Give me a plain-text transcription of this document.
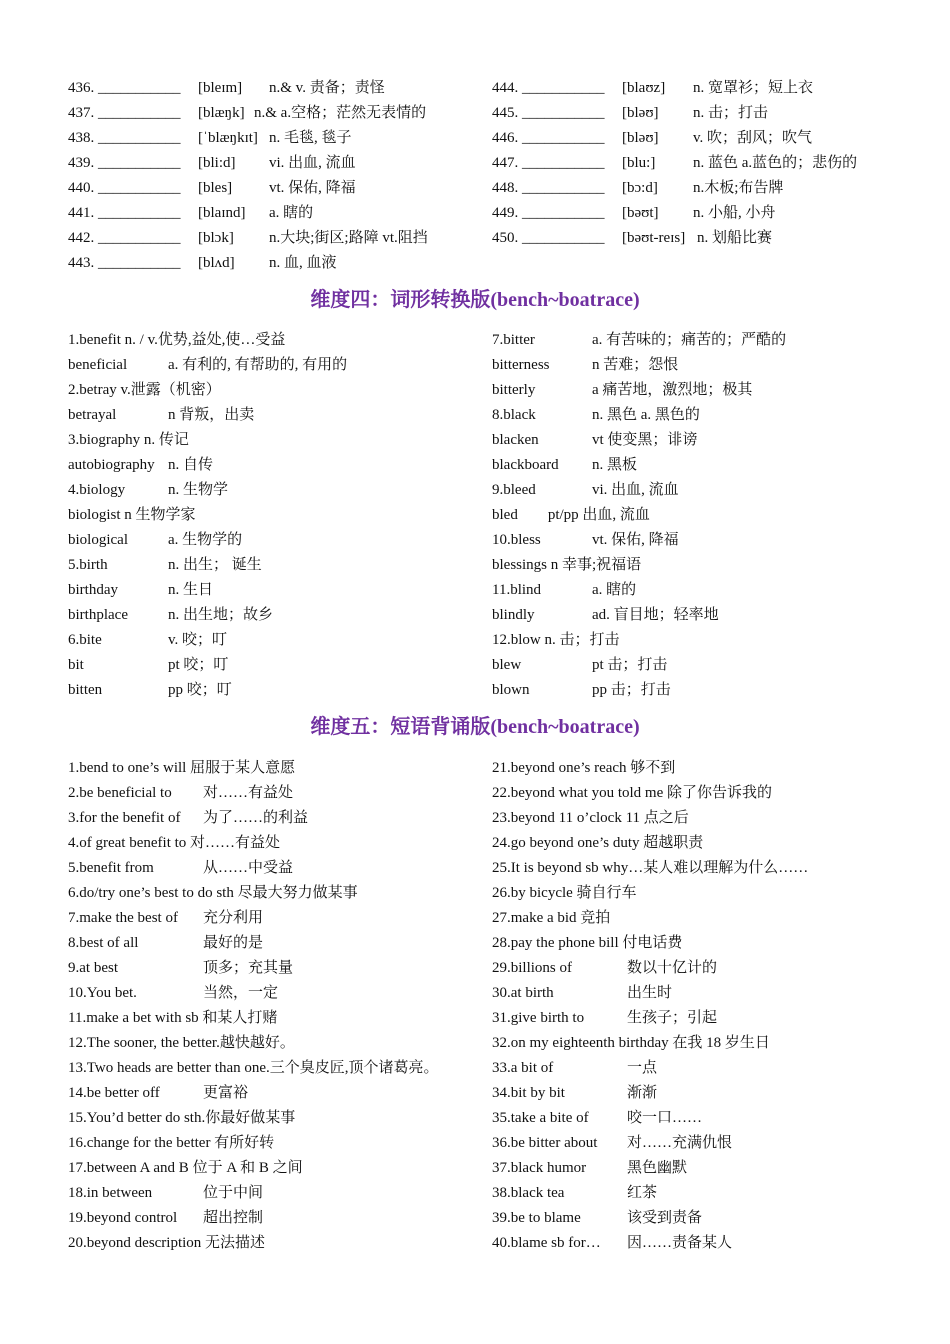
436. ___________ [bleɪm] n.& v. 责备；责怪
437. ___________ [blæŋk] n.& a.空格；茫然无表情的
438. ___________ [ˈblæŋkɪt] n. 毛毯, 毯子
439. ___________ [bli:d] vi. 出血, 流血
440. ___________ [bles] vt. 保佑, 降福
441. ___________ [blaɪnd] a. 瞎的
442. ___________ [blɔk] n.大块;街区;路障 vt.阻挡
443. ___________ [blʌd] n. 血, 血液
444. ___________ [blaʊz] n. 宽罩衫；短上衣
445. ___________ [bləʊ] n. 击；打击
446. ___________ [bləʊ] v. 吹；刮风；吹气
447. ___________ [blu:]	n. 蓝色 a.蓝色的；悲伤的
448. ___________ [bɔ:d] n.木板;布告牌
449. ___________ [bəʊt] n. 小船, 小舟
450. ___________ [bəʊt-reɪs] n. 划船比赛
维度四：词形转换版(bench~boatrace)
1.benefit n. / v.优势,益处,使…受益
beneficial	a. 有利的, 有帮助的, 有用的
2.betray v.泄露（机密）
betrayal	n 背叛，出卖
3.biography n. 传记
autobiography n. 自传
4.biology	n. 生物学
biologist n 生物学家
biological	a. 生物学的
5.birth	n. 出生； 诞生
birthday	n. 生日
birthplace	n. 出生地；故乡
6.bite	v. 咬；叮
bit	pt 咬；叮
bitten	pp 咬；叮
7.bitter	a. 有苦味的；痛苦的；严酷的
bitterness	n 苦难；怨恨
bitterly	a 痛苦地，激烈地；极其
8.black	n. 黑色 a. 黑色的
blacken	vt 使变黑；诽谤
blackboard n. 黑板
9.bleed	vi. 出血, 流血
bled        pt/pp 出血, 流血
10.bless	vt. 保佑, 降福
blessings n 幸事;祝福语
11.blind	a. 瞎的
blindly	ad. 盲目地；轻率地
12.blow n. 击；打击
blew	pt 击；打击
blown	pp 击；打击
维度五：短语背诵版(bench~boatrace)
1.bend to one’s will 屈服于某人意愿
2.be beneficial to 对……有益处
3.for the benefit of 为了……的利益
4.of great benefit to 对……有益处
5.benefit from	从……中受益
6.do/try one’s best to do sth 尽最大努力做某事
7.make the best of 充分利用
8.best of all	最好的是
9.at best	顶多；充其量
10.You bet.	当然，一定
11.make a bet with sb 和某人打赌
12.The sooner, the better.越快越好。
13.Two heads are better than one.三个臭皮匠,顶个诸葛亮。
14.be better off	更富裕
15.You’d better do sth.你最好做某事
16.change for the better 有所好转
17.between A and B 位于 A 和 B 之间
18.in between	位于中间
19.beyond control 超出控制
20.beyond description 无法描述
21.beyond one’s reach 够不到
22.beyond what you told me 除了你告诉我的
23.beyond 11 o’clock 11 点之后
24.go beyond one’s duty 超越职责
25.It is beyond sb why…某人难以理解为什么……
26.by bicycle 骑自行车
27.make a bid 竞拍
28.pay the phone bill 付电话费
29.billions of	数以十亿计的
30.at birth	出生时
31.give birth to	生孩子；引起
32.on my eighteenth birthday 在我 18 岁生日
33.a bit of	一点
34.bit by bit	渐渐
35.take a bite of	咬一口……
36.be bitter about 对……充满仇恨
37.black humor	黑色幽默
38.black tea	红茶
39.be to blame	该受到责备
40.blame sb for… 因……责备某人
